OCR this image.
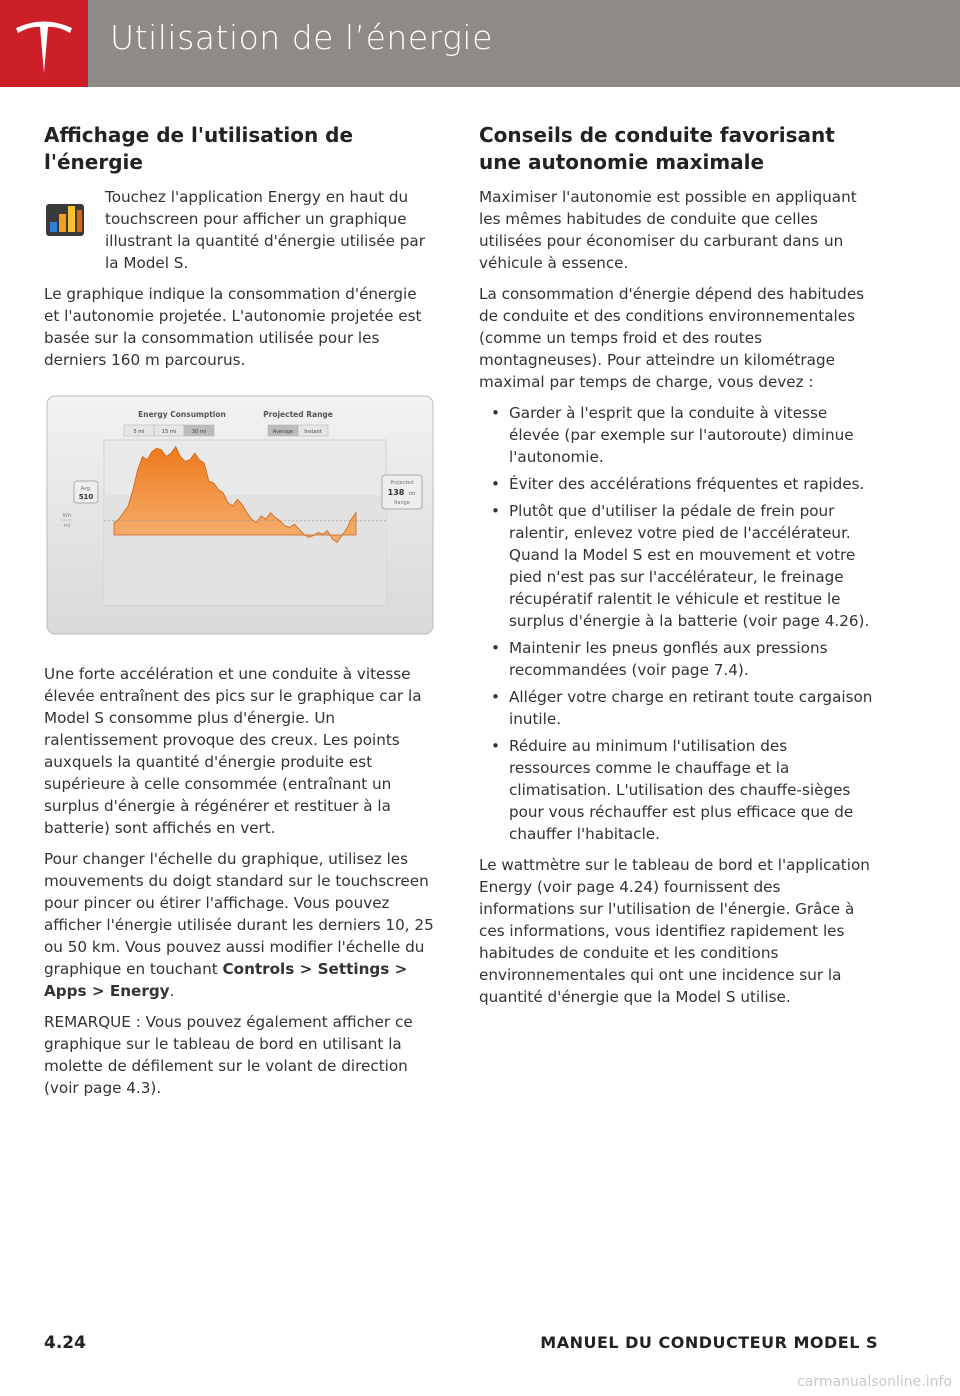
Utilisation de l’énergie
Affichage de l'utilisation de l'énergie

Touchez l'application Energy en haut du touchscreen pour afficher un graphique illustrant la quantité d'énergie utilisée par la Model S.

Le graphique indique la consommation d'énergie et l'autonomie projetée. L'autonomie projetée est basée sur la consommation utilisée pour les derniers 160 m parcourus.

Energy Consumption	Projected Range
5 mi	15 mi	30 mi	Average Instant
Avg.
510
Wh
mi
Projected
138 mi
Range

Une forte accélération et une conduite à vitesse élevée entraînent des pics sur le graphique car la Model S consomme plus d'énergie. Un ralentissement provoque des creux. Les points auxquels la quantité d'énergie produite est supérieure à celle consommée (entraînant un surplus d'énergie à régénérer et restituer à la batterie) sont affichés en vert.

Pour changer l'échelle du graphique, utilisez les mouvements du doigt standard sur le touchscreen pour pincer ou étirer l'affichage. Vous pouvez afficher l'énergie utilisée durant les derniers 10, 25 ou 50 km. Vous pouvez aussi modifier l'échelle du graphique en touchant Controls > Settings > Apps > Energy.

REMARQUE : Vous pouvez également afficher ce graphique sur le tableau de bord en utilisant la molette de défilement sur le volant de direction (voir page 4.3).

Conseils de conduite favorisant une autonomie maximale

Maximiser l'autonomie est possible en appliquant les mêmes habitudes de conduite que celles utilisées pour économiser du carburant dans un véhicule à essence.

La consommation d'énergie dépend des habitudes de conduite et des conditions environnementales (comme un temps froid et des routes montagneuses). Pour atteindre un kilométrage maximal par temps de charge, vous devez :

• Garder à l'esprit que la conduite à vitesse élevée (par exemple sur l'autoroute) diminue l'autonomie.
• Éviter des accélérations fréquentes et rapides.
• Plutôt que d'utiliser la pédale de frein pour ralentir, enlevez votre pied de l'accélérateur. Quand la Model S est en mouvement et votre pied n'est pas sur l'accélérateur, le freinage récupératif ralentit le véhicule et restitue le surplus d'énergie à la batterie (voir page 4.26).
• Maintenir les pneus gonflés aux pressions recommandées (voir page 7.4).
• Alléger votre charge en retirant toute cargaison inutile.
• Réduire au minimum l'utilisation des ressources comme le chauffage et la climatisation. L'utilisation des chauffe-sièges pour vous réchauffer est plus efficace que de chauffer l'habitacle.

Le wattmètre sur le tableau de bord et l'application Energy (voir page 4.24) fournissent des informations sur l'utilisation de l'énergie. Grâce à ces informations, vous identifiez rapidement les habitudes de conduite et les conditions environnementales qui ont une incidence sur la quantité d'énergie que la Model S utilise.

4.24	MANUEL DU CONDUCTEUR MODEL S
carmanualsonline.info
